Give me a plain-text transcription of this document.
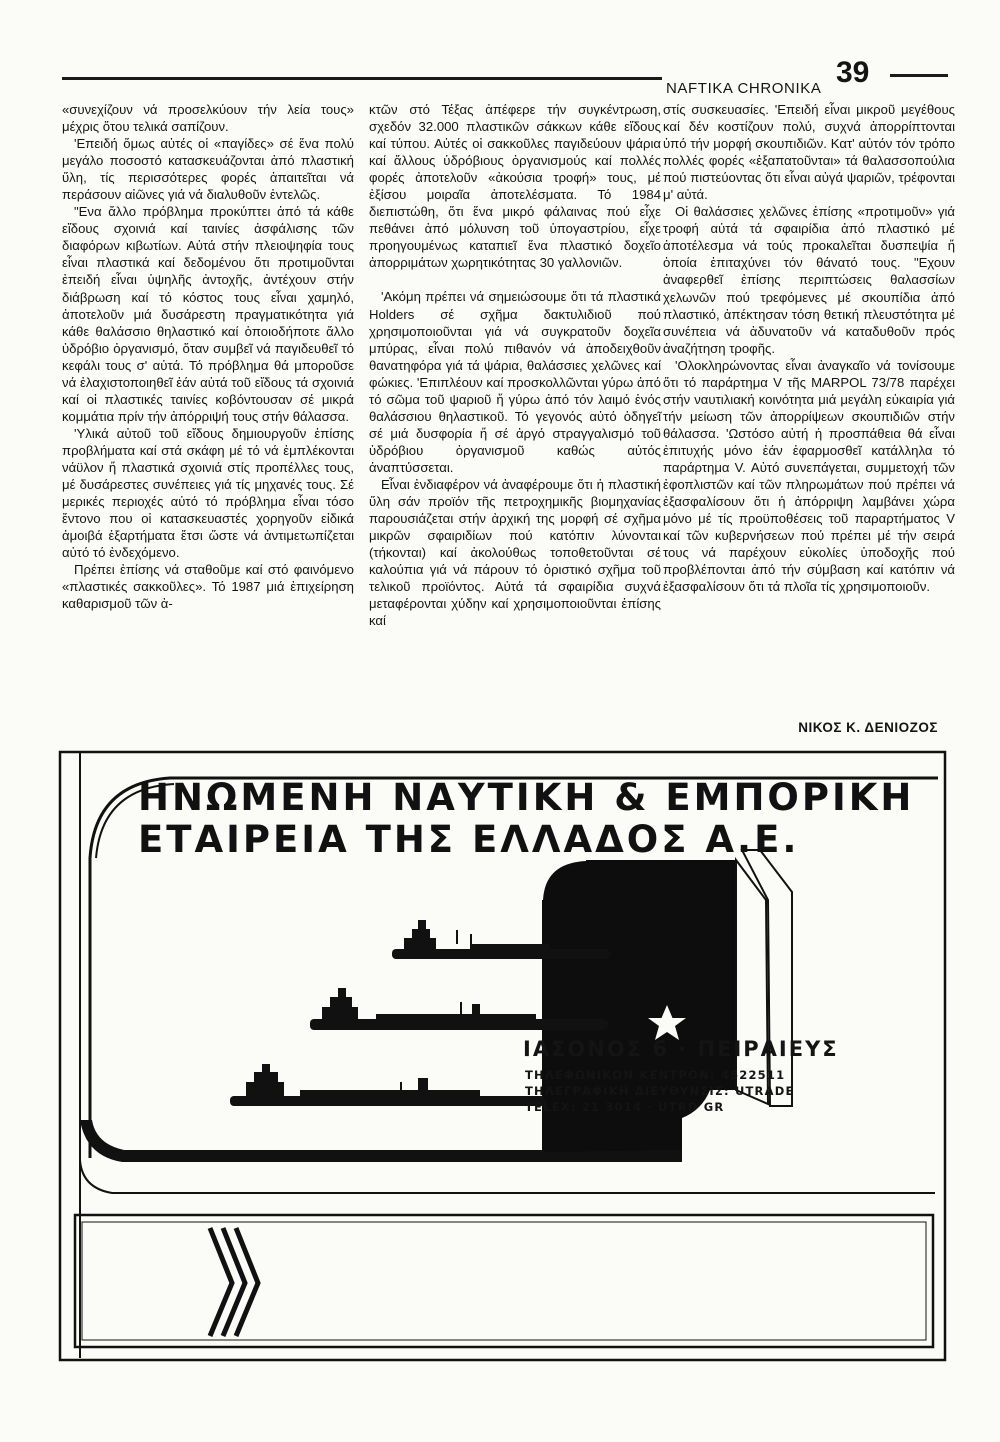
NAFTIKA CHRONIKA 39

«συνεχίζουν νά προσελκύουν τήν λεία τους» μέχρις ὅτου τελικά σαπίζουν.

'Επειδή ὅμως αὐτές οἱ «παγίδες» σέ ἕνα πολύ μεγάλο ποσοστό κατασκευάζονται ἀπό πλαστική ὕλη, τίς περισσότερες φορές ἀπαιτεῖται νά περάσουν αἰῶνες γιά νά διαλυθοῦν ἐντελῶς.

"Ενα ἄλλο πρόβλημα προκύπτει ἀπό τά κάθε εἴδους σχοινιά καί ταινίες ἀσφάλισης τῶν διαφόρων κιβωτίων. Αὐτά στήν πλειοψηφία τους εἶναι πλαστικά καί δεδομένου ὅτι προτιμοῦνται ἐπειδή εἶναι ὑψηλῆς ἀντοχῆς, ἀντέχουν στήν διάβρωση καί τό κόστος τους εἶναι χαμηλό, ἀποτελοῦν μιά δυσάρεστη πραγματικότητα γιά κάθε θαλάσσιο θηλαστικό καί ὁποιοδήποτε ἄλλο ὑδρόβιο ὀργανισμό, ὅταν συμβεῖ νά παγιδευθεῖ τό κεφάλι τους σ' αὐτά. Τό πρόβλημα θά μποροῦσε νά ἐλαχιστοποιηθεῖ ἐάν αὐτά τοῦ εἴδους τά σχοινιά καί οἱ πλαστικές ταινίες κοβόντουσαν σέ μικρά κομμάτια πρίν τήν ἀπόρριψή τους στήν θάλασσα.

'Υλικά αὐτοῦ τοῦ εἴδους δημιουργοῦν ἐπίσης προβλήματα καί στά σκάφη μέ τό νά ἐμπλέκονται νάϋλον ἤ πλαστικά σχοινιά στίς προπέλλες τους, μέ δυσάρεστες συνέπειες γιά τίς μηχανές τους. Σέ μερικές περιοχές αὐτό τό πρόβλημα εἶναι τόσο ἔντονο που οἱ κατασκευαστές χορηγοῦν εἰδικά ἀμοιβά ἐξαρτήματα ἔτσι ὥστε νά ἀντιμετωπίζεται αὐτό τό ἐνδεχόμενο.

Πρέπει ἐπίσης νά σταθοῦμε καί στό φαινόμενο «πλαστικές σακκοῦλες». Τό 1987 μιά ἐπιχείρηση καθαρισμοῦ τῶν ἀ-

κτῶν στό Τέξας ἀπέφερε τήν συγκέντρωση, σχεδόν 32.000 πλαστικῶν σάκκων κάθε εἴδους καί τύπου. Αὐτές οἱ σακκοῦλες παγιδεύουν ψάρια καί ἄλλους ὑδρόβιους ὀργανισμούς καί πολλές φορές ἀποτελοῦν «ἀκούσια τροφή» τους, μέ ἐξίσου μοιραῖα ἀποτελέσματα. Τό 1984 διεπιστώθη, ὅτι ἕνα μικρό φάλαινας πού εἶχε πεθάνει ἀπό μόλυνση τοῦ ὑπογαστρίου, εἶχε προηγουμένως καταπιεῖ ἕνα πλαστικό δοχεῖο ἀπορριμάτων χωρητικότητας 30 γαλλονιῶν.

'Ακόμη πρέπει νά σημειώσουμε ὅτι τά πλαστικά Holders σέ σχῆμα δακτυλιδιοῦ πού χρησιμοποιοῦνται γιά νά συγκρατοῦν δοχεῖα μπύρας, εἶναι πολύ πιθανόν νά ἀποδειχθοῦν θανατηφόρα γιά τά ψάρια, θαλάσσιες χελῶνες καί φώκιες. 'Επιπλέουν καί προσκολλῶνται γύρω ἀπό τό σῶμα τοῦ ψαριοῦ ἤ γύρω ἀπό τόν λαιμό ἑνός θαλάσσιου θηλαστικοῦ. Τό γεγονός αὐτό ὁδηγεῖ σέ μιά δυσφορία ἤ σέ ἀργό στραγγαλισμό τοῦ ὑδρόβιου ὀργανισμοῦ καθώς αὐτός ἀναπτύσσεται.

Εἶναι ἐνδιαφέρον νά ἀναφέρουμε ὅτι ἡ πλαστική ὕλη σάν προϊόν τῆς πετροχημικῆς βιομηχανίας παρουσιάζεται στήν ἀρχική της μορφή σέ σχῆμα μικρῶν σφαιριδίων πού κατόπιν λύνονται (τήκονται) καί ἀκολούθως τοποθετοῦνται σέ καλούπια γιά νά πάρουν τό ὁριστικό σχῆμα τοῦ τελικοῦ προϊόντος. Αὐτά τά σφαιρίδια συχνά μεταφέρονται χύδην καί χρησιμοποιοῦνται ἐπίσης καί

στίς συσκευασίες. 'Επειδή εἶναι μικροῦ μεγέθους καί δέν κοστίζουν πολύ, συχνά ἀπορρίπτονται ὑπό τήν μορφή σκουπιδιῶν. Κατ' αὐτόν τόν τρόπο πολλές φορές «ἐξαπατοῦνται» τά θαλασσοπούλια πού πιστεύοντας ὅτι εἶναι αὐγά ψαριῶν, τρέφονται μ' αὐτά.

Οἱ θαλάσσιες χελῶνες ἐπίσης «προτιμοῦν» γιά τροφή αὐτά τά σφαιρίδια ἀπό πλαστικό μέ ἀποτέλεσμα νά τούς προκαλεῖται δυσπεψία ἤ ὁποία ἐπιταχύνει τόν θάνατό τους. "Εχουν ἀναφερθεῖ ἐπίσης περιπτώσεις θαλασσίων χελωνῶν πού τρεφόμενες μέ σκουπίδια ἀπό πλαστικό, ἀπέκτησαν τόση θετική πλευστότητα μέ συνέπεια νά ἀδυνατοῦν νά καταδυθοῦν πρός ἀναζήτηση τροφῆς.

'Ολοκληρώνοντας εἶναι ἀναγκαῖο νά τονίσουμε ὅτι τό παράρτημα V τῆς MARPOL 73/78 παρέχει στήν ναυτιλιακή κοινότητα μιά μεγάλη εὐκαιρία γιά τήν μείωση τῶν ἀπορρίψεων σκουπιδιῶν στήν θάλασσα. 'Ωστόσο αὐτή ἡ προσπάθεια θά εἶναι ἐπιτυχής μόνο ἐάν ἐφαρμοσθεῖ κατάλληλα τό παράρτημα V. Αὐτό συνεπάγεται, συμμετοχή τῶν ἐφοπλιστῶν καί τῶν πληρωμάτων πού πρέπει νά ἐξασφαλίσουν ὅτι ἡ ἀπόρριψη λαμβάνει χώρα μόνο μέ τίς προϋποθέσεις τοῦ παραρτήματος V καί τῶν κυβερνήσεων πού πρέπει μέ τήν σειρά τους νά παρέχουν εὐκολίες ὑποδοχῆς πού προβλέπονται ἀπό τήν σύμβαση καί κατόπιν νά ἐξασφαλίσουν ὅτι τά πλοῖα τίς χρησιμοποιοῦν.

ΝΙΚΟΣ Κ. ΔΕΝΙΟΖΟΣ
ΗΝΩΜΕΝΗ ΝΑΥΤΙΚΗ & ΕΜΠΟΡΙΚΗ
ΕΤΑΙΡΕΙΑ ΤΗΣ ΕΛΛΑΔΟΣ Α.Ε.
ΙΑΣΟΝΟΣ 6 · ΠΕΙΡΑΙΕΥΣ
ΤΗΛΕΦΩΝΙΚΟΝ ΚΕΝΤΡΟΝ: 4522511
ΤΗΛΕΓΡΑΦΙΚΗ ΔΙΕΥΘΥΝΣΙΣ: UTRADE
TELEX: 21 3014 · UTRD GR
